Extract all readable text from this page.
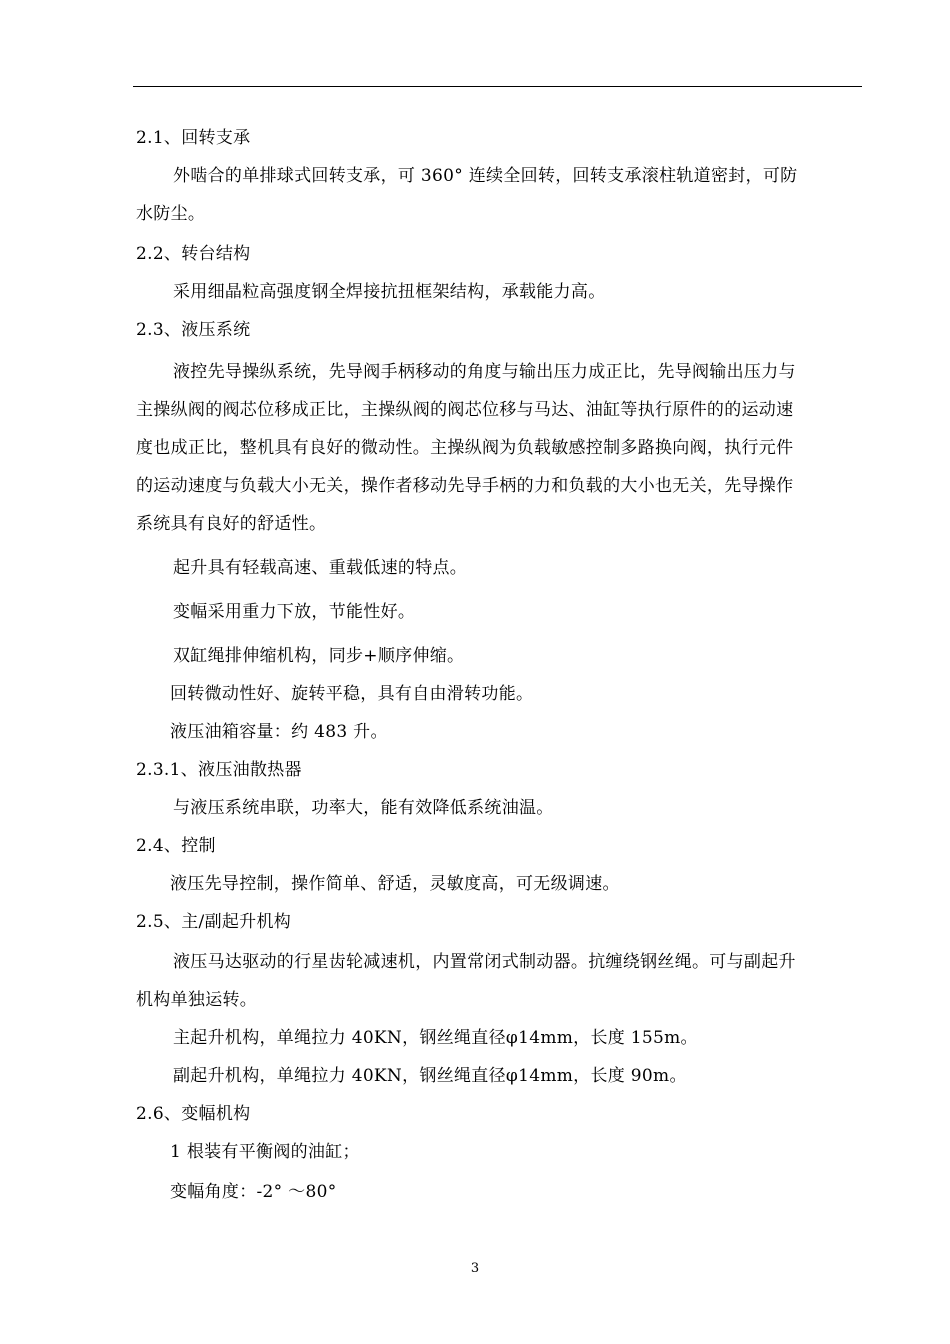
2.1、回转支承
外啮合的单排球式回转支承，可 360° 连续全回转，回转支承滚柱轨道密封，可防
水防尘。
2.2、转台结构
采用细晶粒高强度钢全焊接抗扭框架结构，承载能力高。
2.3、液压系统
液控先导操纵系统，先导阀手柄移动的角度与输出压力成正比，先导阀输出压力与
主操纵阀的阀芯位移成正比，主操纵阀的阀芯位移与马达、油缸等执行原件的的运动速
度也成正比，整机具有良好的微动性。主操纵阀为负载敏感控制多路换向阀，执行元件
的运动速度与负载大小无关，操作者移动先导手柄的力和负载的大小也无关，先导操作
系统具有良好的舒适性。
起升具有轻载高速、重载低速的特点。
变幅采用重力下放，节能性好。
双缸绳排伸缩机构，同步+顺序伸缩。
回转微动性好、旋转平稳，具有自由滑转功能。
液压油箱容量：约 483 升。
2.3.1、液压油散热器
与液压系统串联，功率大，能有效降低系统油温。
2.4、控制
液压先导控制，操作简单、舒适，灵敏度高，可无级调速。
2.5、主/副起升机构
液压马达驱动的行星齿轮减速机，内置常闭式制动器。抗缠绕钢丝绳。可与副起升
机构单独运转。
主起升机构，单绳拉力 40KN，钢丝绳直径φ14mm，长度 155m。
副起升机构，单绳拉力 40KN，钢丝绳直径φ14mm，长度 90m。
2.6、变幅机构
1 根装有平衡阀的油缸；
变幅角度：-2° ～80°
3
